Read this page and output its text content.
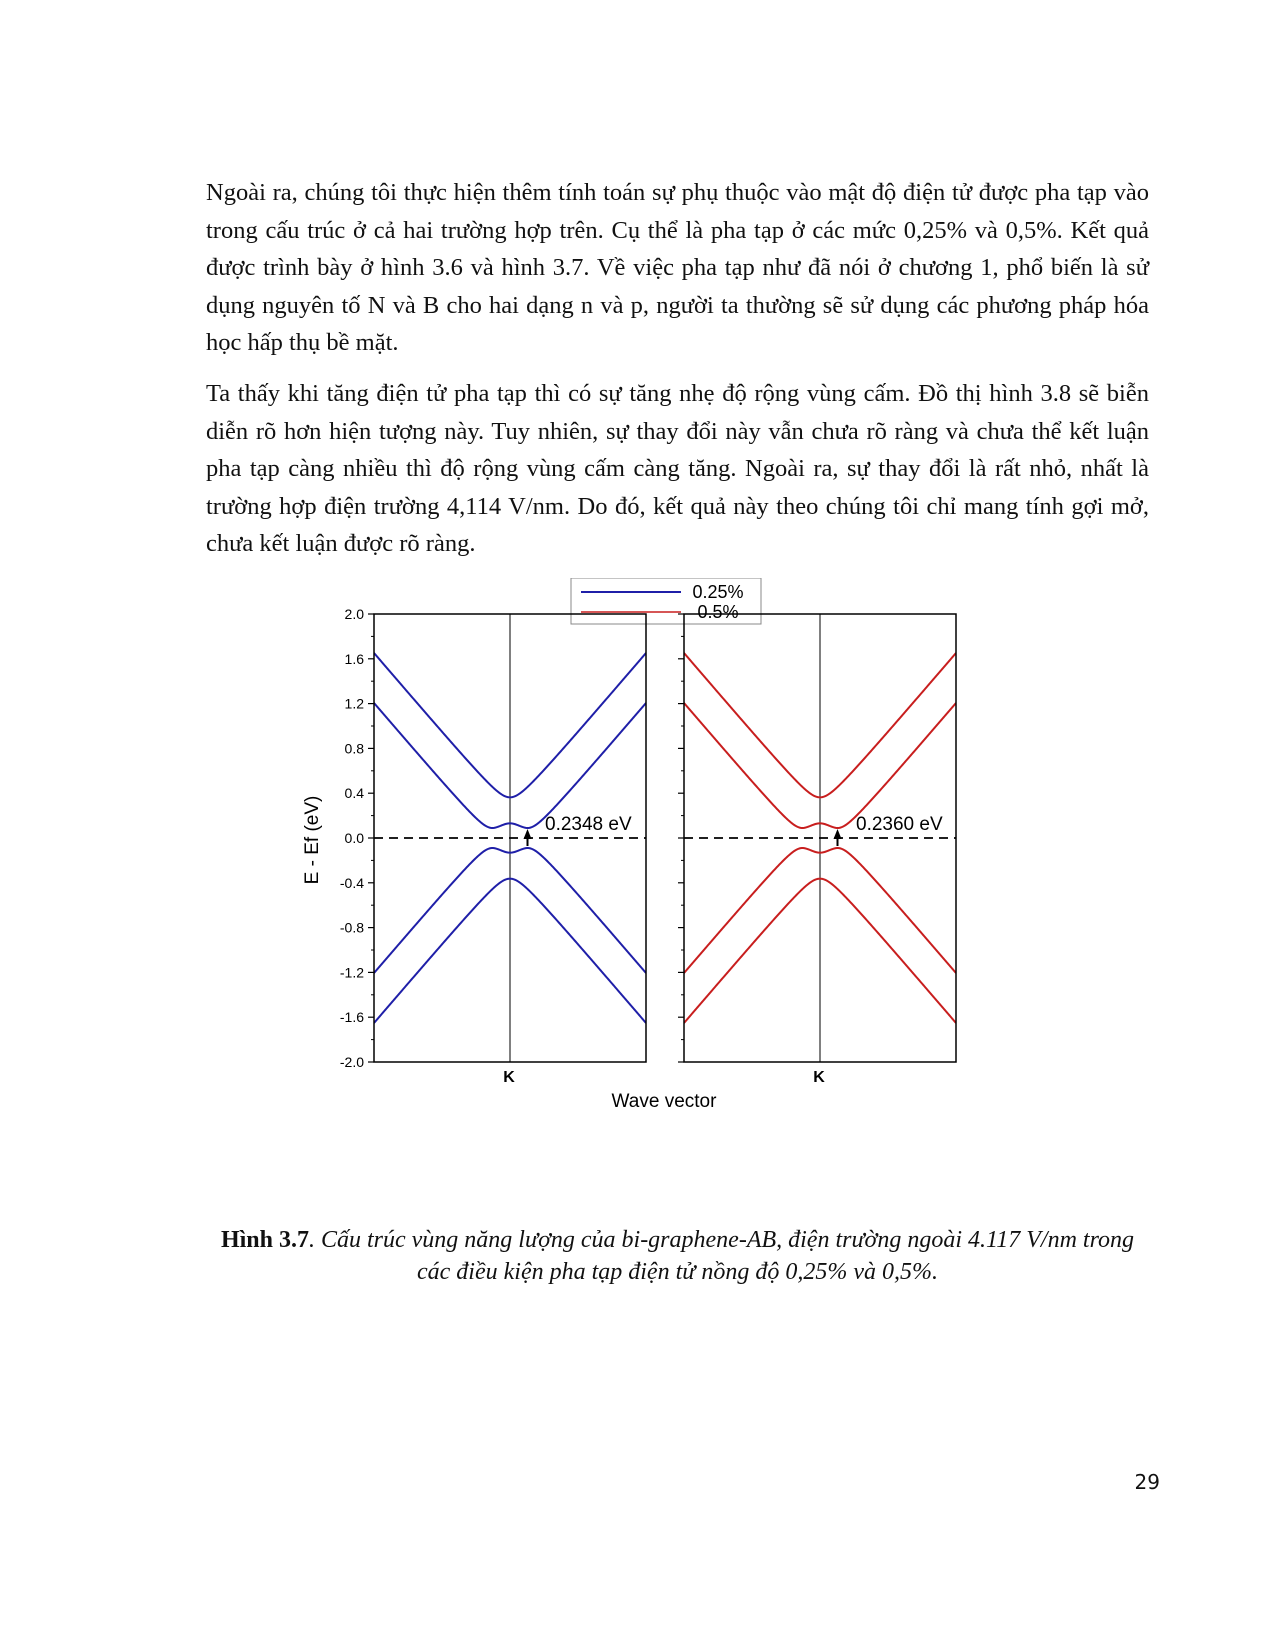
Ngoài ra, chúng tôi thực hiện thêm tính toán sự phụ thuộc vào mật độ điện tử được pha tạp vào trong cấu trúc ở cả hai trường hợp trên. Cụ thể là pha tạp ở các mức 0,25% và 0,5%. Kết quả được trình bày ở hình 3.6 và hình 3.7. Về việc pha tạp như đã nói ở chương 1, phổ biến là sử dụng nguyên tố N và B cho hai dạng n và p, người ta thường sẽ sử dụng các phương pháp hóa học hấp thụ bề mặt.

Ta thấy khi tăng điện tử pha tạp thì có sự tăng nhẹ độ rộng vùng cấm. Đồ thị hình 3.8 sẽ biễn diễn rõ hơn hiện tượng này. Tuy nhiên, sự thay đổi này vẫn chưa rõ ràng và chưa thể kết luận pha tạp càng nhiều thì độ rộng vùng cấm càng tăng. Ngoài ra, sự thay đổi là rất nhỏ, nhất là trường hợp điện trường 4,114 V/nm. Do đó, kết quả này theo chúng tôi chỉ mang tính gợi mở, chưa kết luận được rõ ràng.

0.25%
0.5%
E - Ef (eV)
Wave vector
2.0
1.6
1.2
0.8
0.4
0.0
-0.4
-0.8
-1.2
-1.6
-2.0
K	K
0.2348 eV	0.2360 eV
Hình 3.7. Cấu trúc vùng năng lượng của bi-graphene-AB, điện trường ngoài 4.117 V/nm trong các điều kiện pha tạp điện tử nồng độ 0,25% và 0,5%.
29
